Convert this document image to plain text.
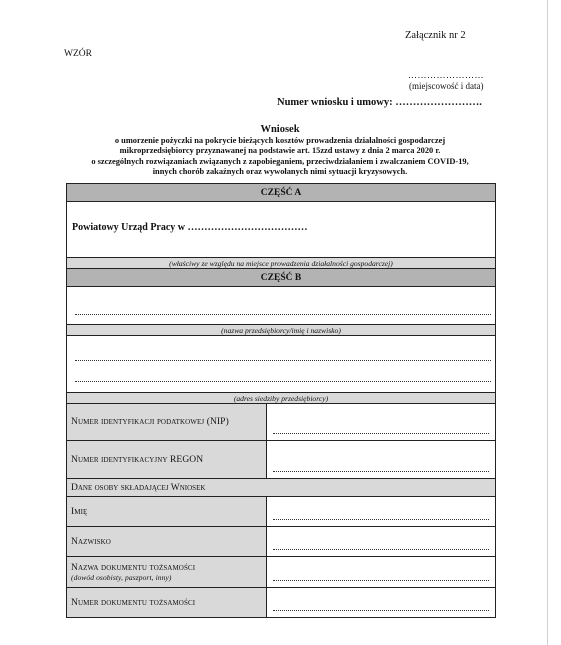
Załącznik nr 2
WZÓR
……………………
(miejscowość i data)
Numer wniosku i umowy: …………………….
Wniosek
o umorzenie pożyczki na pokrycie bieżących kosztów prowadzenia działalności gospodarczej
mikroprzedsiębiorcy przyznawanej na podstawie art. 15zzd ustawy z dnia 2 marca 2020 r.
o szczególnych rozwiązaniach związanych z zapobieganiem, przeciwdziałaniem i zwalczaniem COVID-19,
innych chorób zakaźnych oraz wywołanych nimi sytuacji kryzysowych.
CZĘŚĆ A
Powiatowy Urząd Pracy w ………………………………
(właściwy ze względu na miejsce prowadzenia działalności gospodarczej)
CZĘŚĆ B
(nazwa przedsiębiorcy/imię i nazwisko)
(adres siedziby przedsiębiorcy)
Numer identyfikacji podatkowej (NIP)
Numer identyfikacyjny REGON
Dane osoby składającej Wniosek
Imię
Nazwisko
Nazwa dokumentu tożsamości
(dowód osobisty, paszport, inny)
Numer dokumentu tożsamości
